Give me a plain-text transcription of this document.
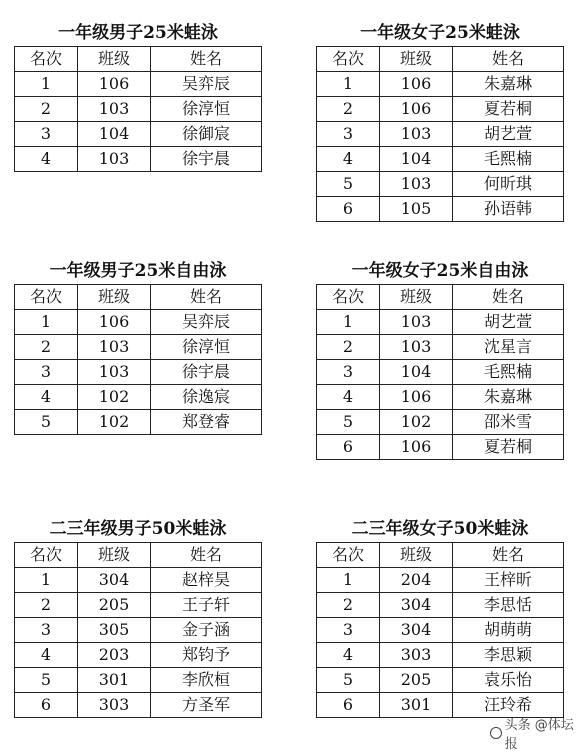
一年级男子25米蛙泳
名次	班级	姓名
1	106	吴弈辰
2	103	徐淳恒
3	104	徐御宸
4	103	徐宇晨
一年级女子25米蛙泳
名次	班级	姓名
1	106	朱嘉琳
2	106	夏若桐
3	103	胡艺萱
4	104	毛熙楠
5	103	何昕琪
6	105	孙语韩
一年级男子25米自由泳
名次	班级	姓名
1	106	吴弈辰
2	103	徐淳恒
3	103	徐宇晨
4	102	徐逸宸
5	102	郑登睿
一年级女子25米自由泳
名次	班级	姓名
1	103	胡艺萱
2	103	沈星言
3	104	毛熙楠
4	106	朱嘉琳
5	102	邵米雪
6	106	夏若桐
二三年级男子50米蛙泳
名次	班级	姓名
1	304	赵梓昊
2	205	王子轩
3	305	金子涵
4	203	郑钧予
5	301	李欣桓
6	303	方圣军
二三年级女子50米蛙泳
名次	班级	姓名
1	204	王梓昕
2	304	李思恬
3	304	胡萌萌
4	303	李思颖
5	205	袁乐怡
6	301	汪玲希
头条 @体坛报
